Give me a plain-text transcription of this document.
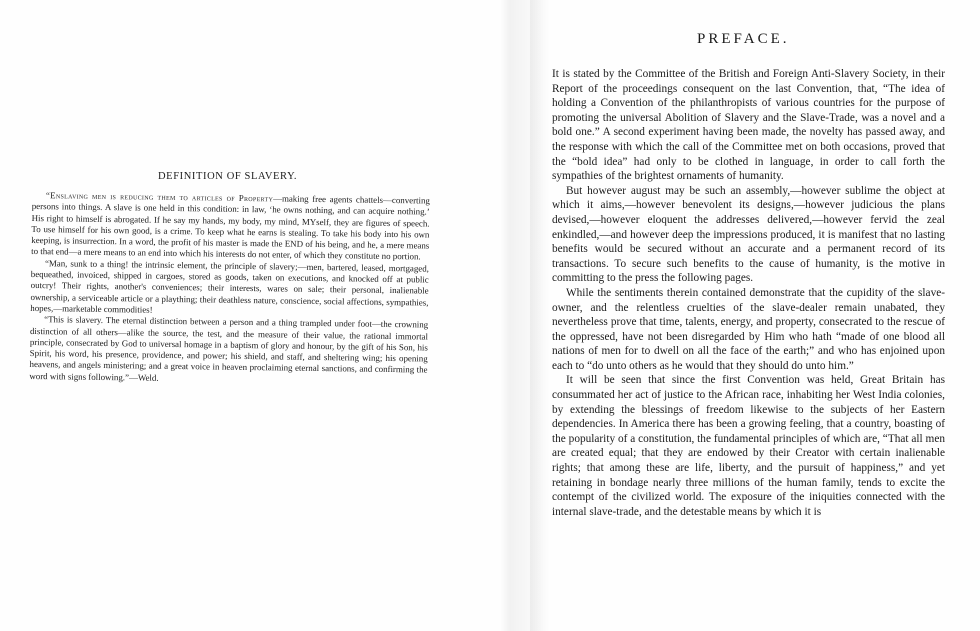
DEFINITION OF SLAVERY.

“Enslaving men is reducing them to articles of Property—making free agents chattels—converting persons into things. A slave is one held in this condition: in law, ‘he owns nothing, and can acquire nothing.’ His right to himself is abrogated. If he say my hands, my body, my mind, MYself, they are figures of speech. To use himself for his own good, is a crime. To keep what he earns is stealing. To take his body into his own keeping, is insurrection. In a word, the profit of his master is made the END of his being, and he, a mere means to that end—a mere means to an end into which his interests do not enter, of which they constitute no portion.

“Man, sunk to a thing! the intrinsic element, the principle of slavery;—men, bartered, leased, mortgaged, bequeathed, invoiced, shipped in cargoes, stored as goods, taken on executions, and knocked off at public outcry! Their rights, another's conveniences; their interests, wares on sale; their personal, inalienable ownership, a serviceable article or a plaything; their deathless nature, conscience, social affections, sympathies, hopes,—marketable commodities!

“This is slavery. The eternal distinction between a person and a thing trampled under foot—the crowning distinction of all others—alike the source, the test, and the measure of their value, the rational immortal principle, consecrated by God to universal homage in a baptism of glory and honour, by the gift of his Son, his Spirit, his word, his presence, providence, and power; his shield, and staff, and sheltering wing; his opening heavens, and angels ministering; and a great voice in heaven proclaiming eternal sanctions, and confirming the word with signs following.”—Weld.

PREFACE.

It is stated by the Committee of the British and Foreign Anti-Slavery Society, in their Report of the proceedings consequent on the last Convention, that, “The idea of holding a Convention of the philanthropists of various countries for the purpose of promoting the universal Abolition of Slavery and the Slave-Trade, was a novel and a bold one.” A second experiment having been made, the novelty has passed away, and the response with which the call of the Committee met on both occasions, proved that the “bold idea” had only to be clothed in language, in order to call forth the sympathies of the brightest ornaments of humanity.

But however august may be such an assembly,—however sublime the object at which it aims,—however benevolent its designs,—however judicious the plans devised,—however eloquent the addresses delivered,—however fervid the zeal enkindled,—and however deep the impressions produced, it is manifest that no lasting benefits would be secured without an accurate and a permanent record of its transactions. To secure such benefits to the cause of humanity, is the motive in committing to the press the following pages.

While the sentiments therein contained demonstrate that the cupidity of the slave-owner, and the relentless cruelties of the slave-dealer remain unabated, they nevertheless prove that time, talents, energy, and property, consecrated to the rescue of the oppressed, have not been disregarded by Him who hath “made of one blood all nations of men for to dwell on all the face of the earth;” and who has enjoined upon each to “do unto others as he would that they should do unto him.”

It will be seen that since the first Convention was held, Great Britain has consummated her act of justice to the African race, inhabiting her West India colonies, by extending the blessings of freedom likewise to the subjects of her Eastern dependencies. In America there has been a growing feeling, that a country, boasting of the popularity of a constitution, the fundamental principles of which are, “That all men are created equal; that they are endowed by their Creator with certain inalienable rights; that among these are life, liberty, and the pursuit of happiness,” and yet retaining in bondage nearly three millions of the human family, tends to excite the contempt of the civilized world. The exposure of the iniquities connected with the internal slave-trade, and the detestable means by which it is
